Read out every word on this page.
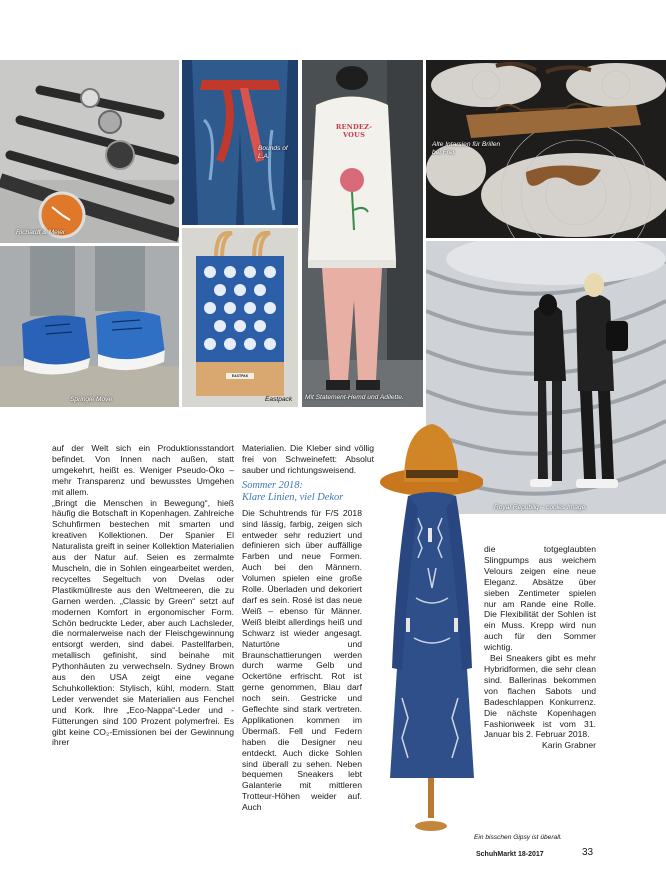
Richardt & Mejer
Bounds of L.A.
RENDEZ-VOUS
Mit Statement-Hemd und Adilette.
Alte Intarsien für Brillen bei Frei.
Springle Move
EASTPAK
Eastpack
Royal Republiq – cooles Image.
Ein bisschen Gipsy ist überall.

auf der Welt sich ein Produktionsstandort befindet. Von Innen nach außen, statt umgekehrt, heißt es. Weniger Pseudo-Öko – mehr Transparenz und bewusstes Umgehen mit allem.

„Bringt die Menschen in Bewegung“, hieß häufig die Botschaft in Kopenhagen. Zahlreiche Schuhfirmen bestechen mit smarten und kreativen Kollektionen. Der Spanier El Naturalista greift in seiner Kollektion Materialien aus der Natur auf. Seien es zermalmte Muscheln, die in Sohlen eingearbeitet werden, recyceltes Segeltuch von Dvelas oder Plastikmüllreste aus den Weltmeeren, die zu Garnen werden. „Classic by Green“ setzt auf modernen Komfort in ergonomischer Form. Schön bedruckte Leder, aber auch Lachsleder, die normalerweise nach der Fleischgewinnung entsorgt werden, sind dabei. Pastellfarben, metallisch gefinisht, sind beinahe mit Pythonhäuten zu verwechseln. Sydney Brown aus den USA zeigt eine vegane Schuhkollektion: Stylisch, kühl, modern. Statt Leder verwendet sie Materialien aus Fenchel und Kork. Ihre „Eco-Nappa“-Leder und -Fütterungen sind 100 Prozent polymerfrei. Es gibt keine CO₂-Emissionen bei der Gewinnung ihrer

Materialien. Die Kleber sind völlig frei von Schweinefett: Absolut sauber und richtungsweisend.

Sommer 2018:
Klare Linien, viel Dekor

Die Schuhtrends für F/S 2018 sind lässig, farbig, zeigen sich entweder sehr reduziert und definieren sich über auffällige Farben und neue Formen. Auch bei den Männern. Volumen spielen eine große Rolle. Überladen und dekoriert darf es sein. Rosé ist das neue Weiß – ebenso für Männer. Weiß bleibt allerdings heiß und Schwarz ist wieder angesagt. Naturtöne und Braunschattierungen werden durch warme Gelb und Ockertöne erfrischt. Rot ist gerne genommen, Blau darf noch sein. Gestricke und Geflechte sind stark vertreten. Applikationen kommen im Übermaß. Fell und Federn haben die Designer neu entdeckt. Auch dicke Sohlen sind überall zu sehen. Neben bequemen Sneakers lebt Galanterie mit mittleren Trotteur-Höhen weider auf. Auch

die totgeglaubten Slingpumps aus weichem Velours zeigen eine neue Eleganz. Absätze über sieben Zentimeter spielen nur am Rande eine Rolle. Die Flexibilität der Sohlen ist ein Muss. Krepp wird nun auch für den Sommer wichtig.

Bei Sneakers gibt es mehr Hybridformen, die sehr clean sind. Ballerinas bekommen von flachen Sabots und Badeschlappen Konkurrenz. Die nächste Kopenhagen Fashionweek ist vom 31. Januar bis 2. Februar 2018.

Karin Grabner

SchuhMarkt 18-2017	33
